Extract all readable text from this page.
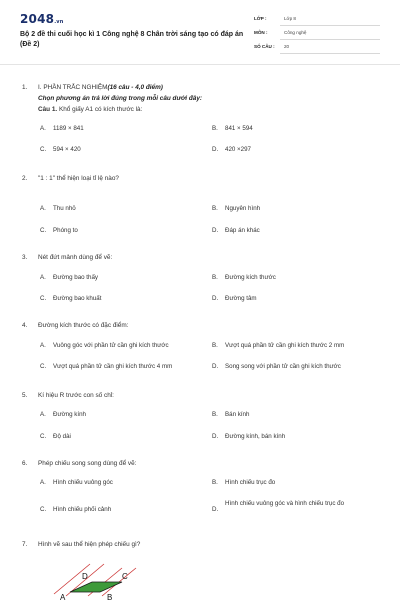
2048.vn
Bộ 2 đề thi cuối học kì 1 Công nghệ 8 Chân trời sáng tạo có đáp án (Đề 2)
LỚP :	Lớp 8
MÔN :	Công nghệ
SỐ CÂU : 20
1. I. PHẦN TRẮC NGHIỆM(16 câu - 4,0 điểm)
Chọn phương án trả lời đúng trong mỗi câu dưới đây:
Câu 1. Khổ giấy A1 có kích thước là:
A. 1189 × 841	B. 841 × 594
C. 594 × 420	D. 420 ×297
2. "1 : 1" thể hiện loại tỉ lệ nào?
A. Thu nhỏ	B. Nguyên hình
C. Phóng to	D. Đáp án khác
3. Nét đứt mảnh dùng để vẽ:
A. Đường bao thấy	B. Đường kích thước
C. Đường bao khuất	D. Đường tâm
4. Đường kích thước có đặc điểm:
A. Vuông góc với phần tử cần ghi kích thước	B. Vượt quá phần tử cần ghi kích thước 2 mm
C. Vượt quá phần tử cần ghi kích thước 4 mm	D. Song song với phần tử cần ghi kích thước
5. Kí hiệu R trước con số chỉ:
A. Đường kính	B. Bán kính
C. Độ dài	D. Đường kính, bán kính
6. Phép chiếu song song dùng để vẽ:
A. Hình chiếu vuông góc	B. Hình chiếu trục đo
C. Hình chiếu phối cảnh	D.
Hình chiếu vuông góc và hình chiếu trục đo
7. Hình vẽ sau thể hiện phép chiếu gì?
D	C
A	B
